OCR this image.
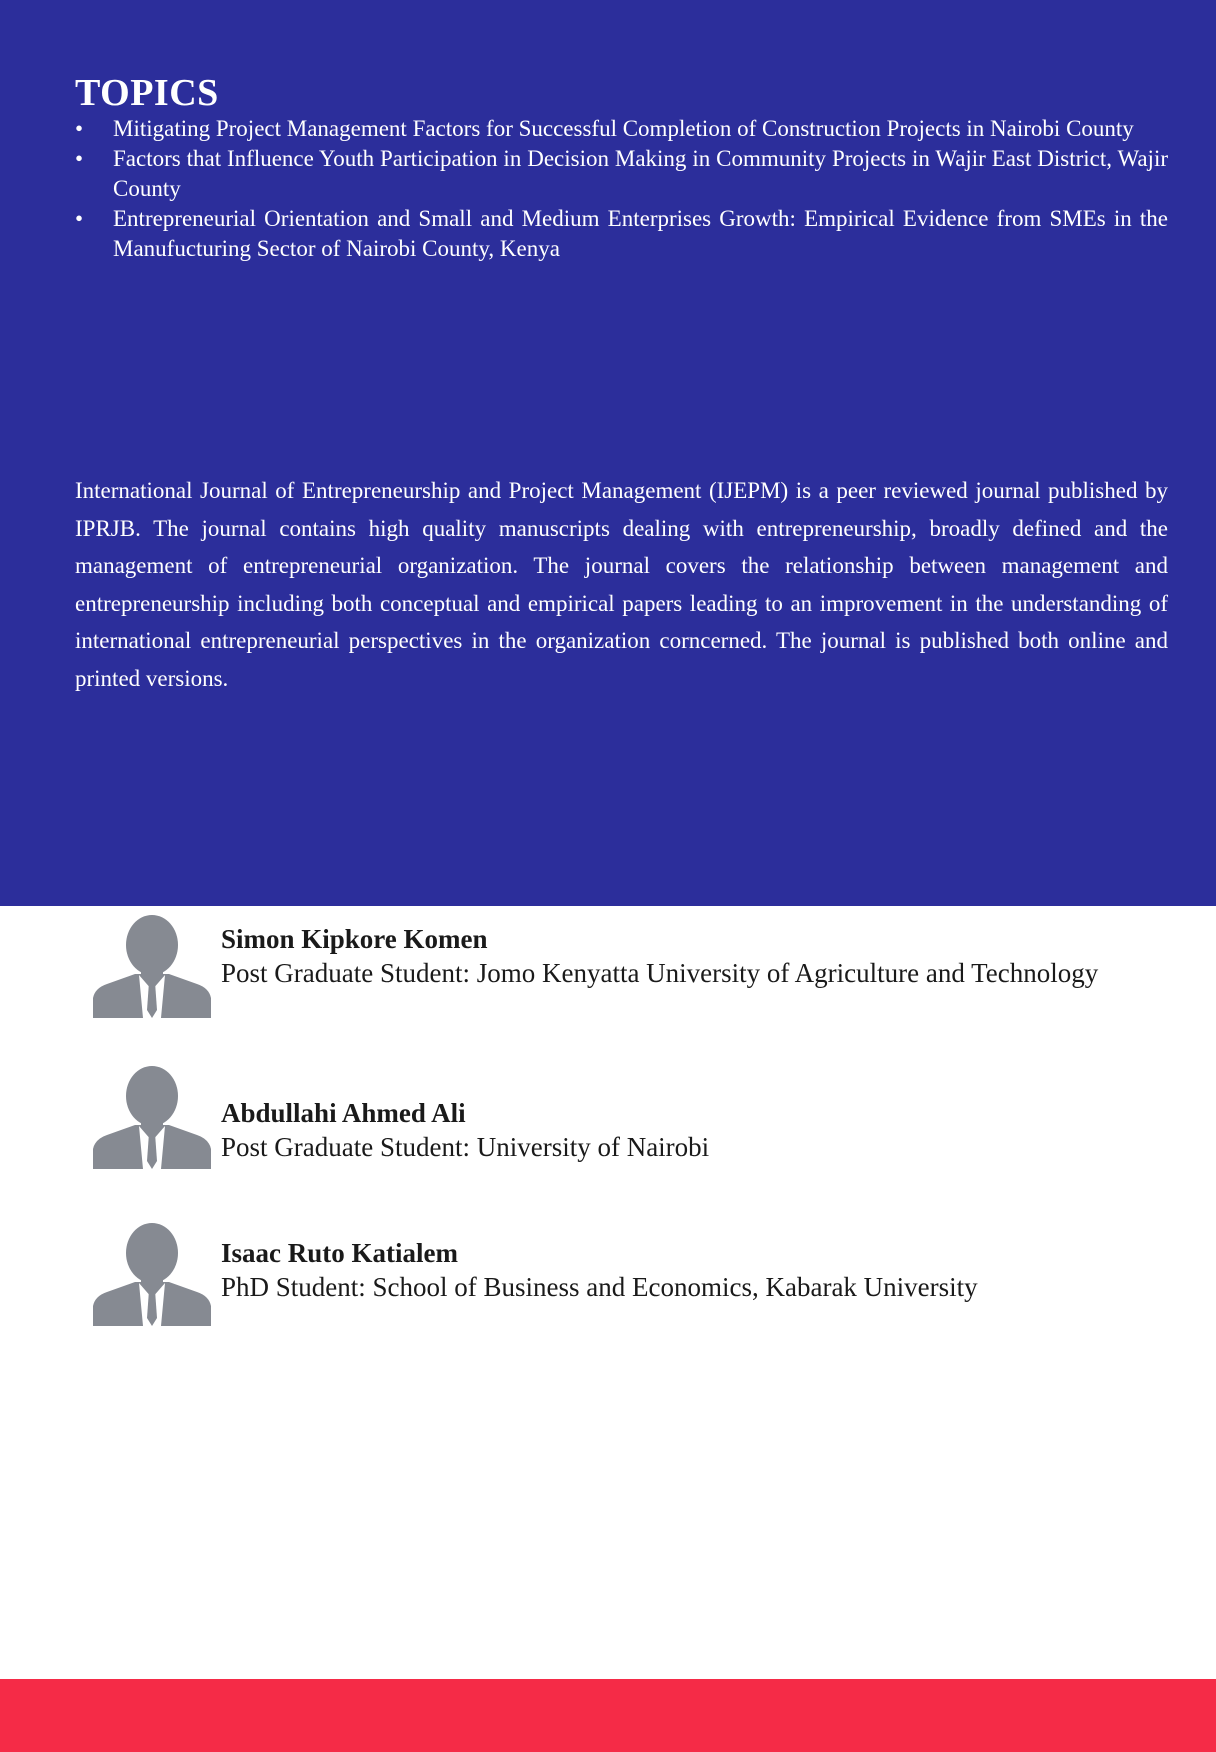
TOPICS
• Mitigating Project Management Factors for Successful Completion of Construction Projects in Nairobi County
• Factors that Influence Youth Participation in Decision Making in Community Projects in Wajir East District, Wajir County
• Entrepreneurial Orientation and Small and Medium Enterprises Growth: Empirical Evidence from SMEs in the Manufucturing Sector of Nairobi County, Kenya

International Journal of Entrepreneurship and Project Management (IJEPM) is a peer reviewed journal published by IPRJB. The journal contains high quality manuscripts dealing with entrepreneurship, broadly defined and the management of entrepreneurial organization. The journal covers the relationship between management and entrepreneurship including both conceptual and empirical papers leading to an improvement in the understanding of international entrepreneurial perspectives in the organization corncerned. The journal is published both online and printed versions.

Simon Kipkore Komen
Post Graduate Student: Jomo Kenyatta University of Agriculture and Technology
Abdullahi Ahmed Ali
Post Graduate Student: University of Nairobi
Isaac Ruto Katialem
PhD Student: School of Business and Economics, Kabarak University
